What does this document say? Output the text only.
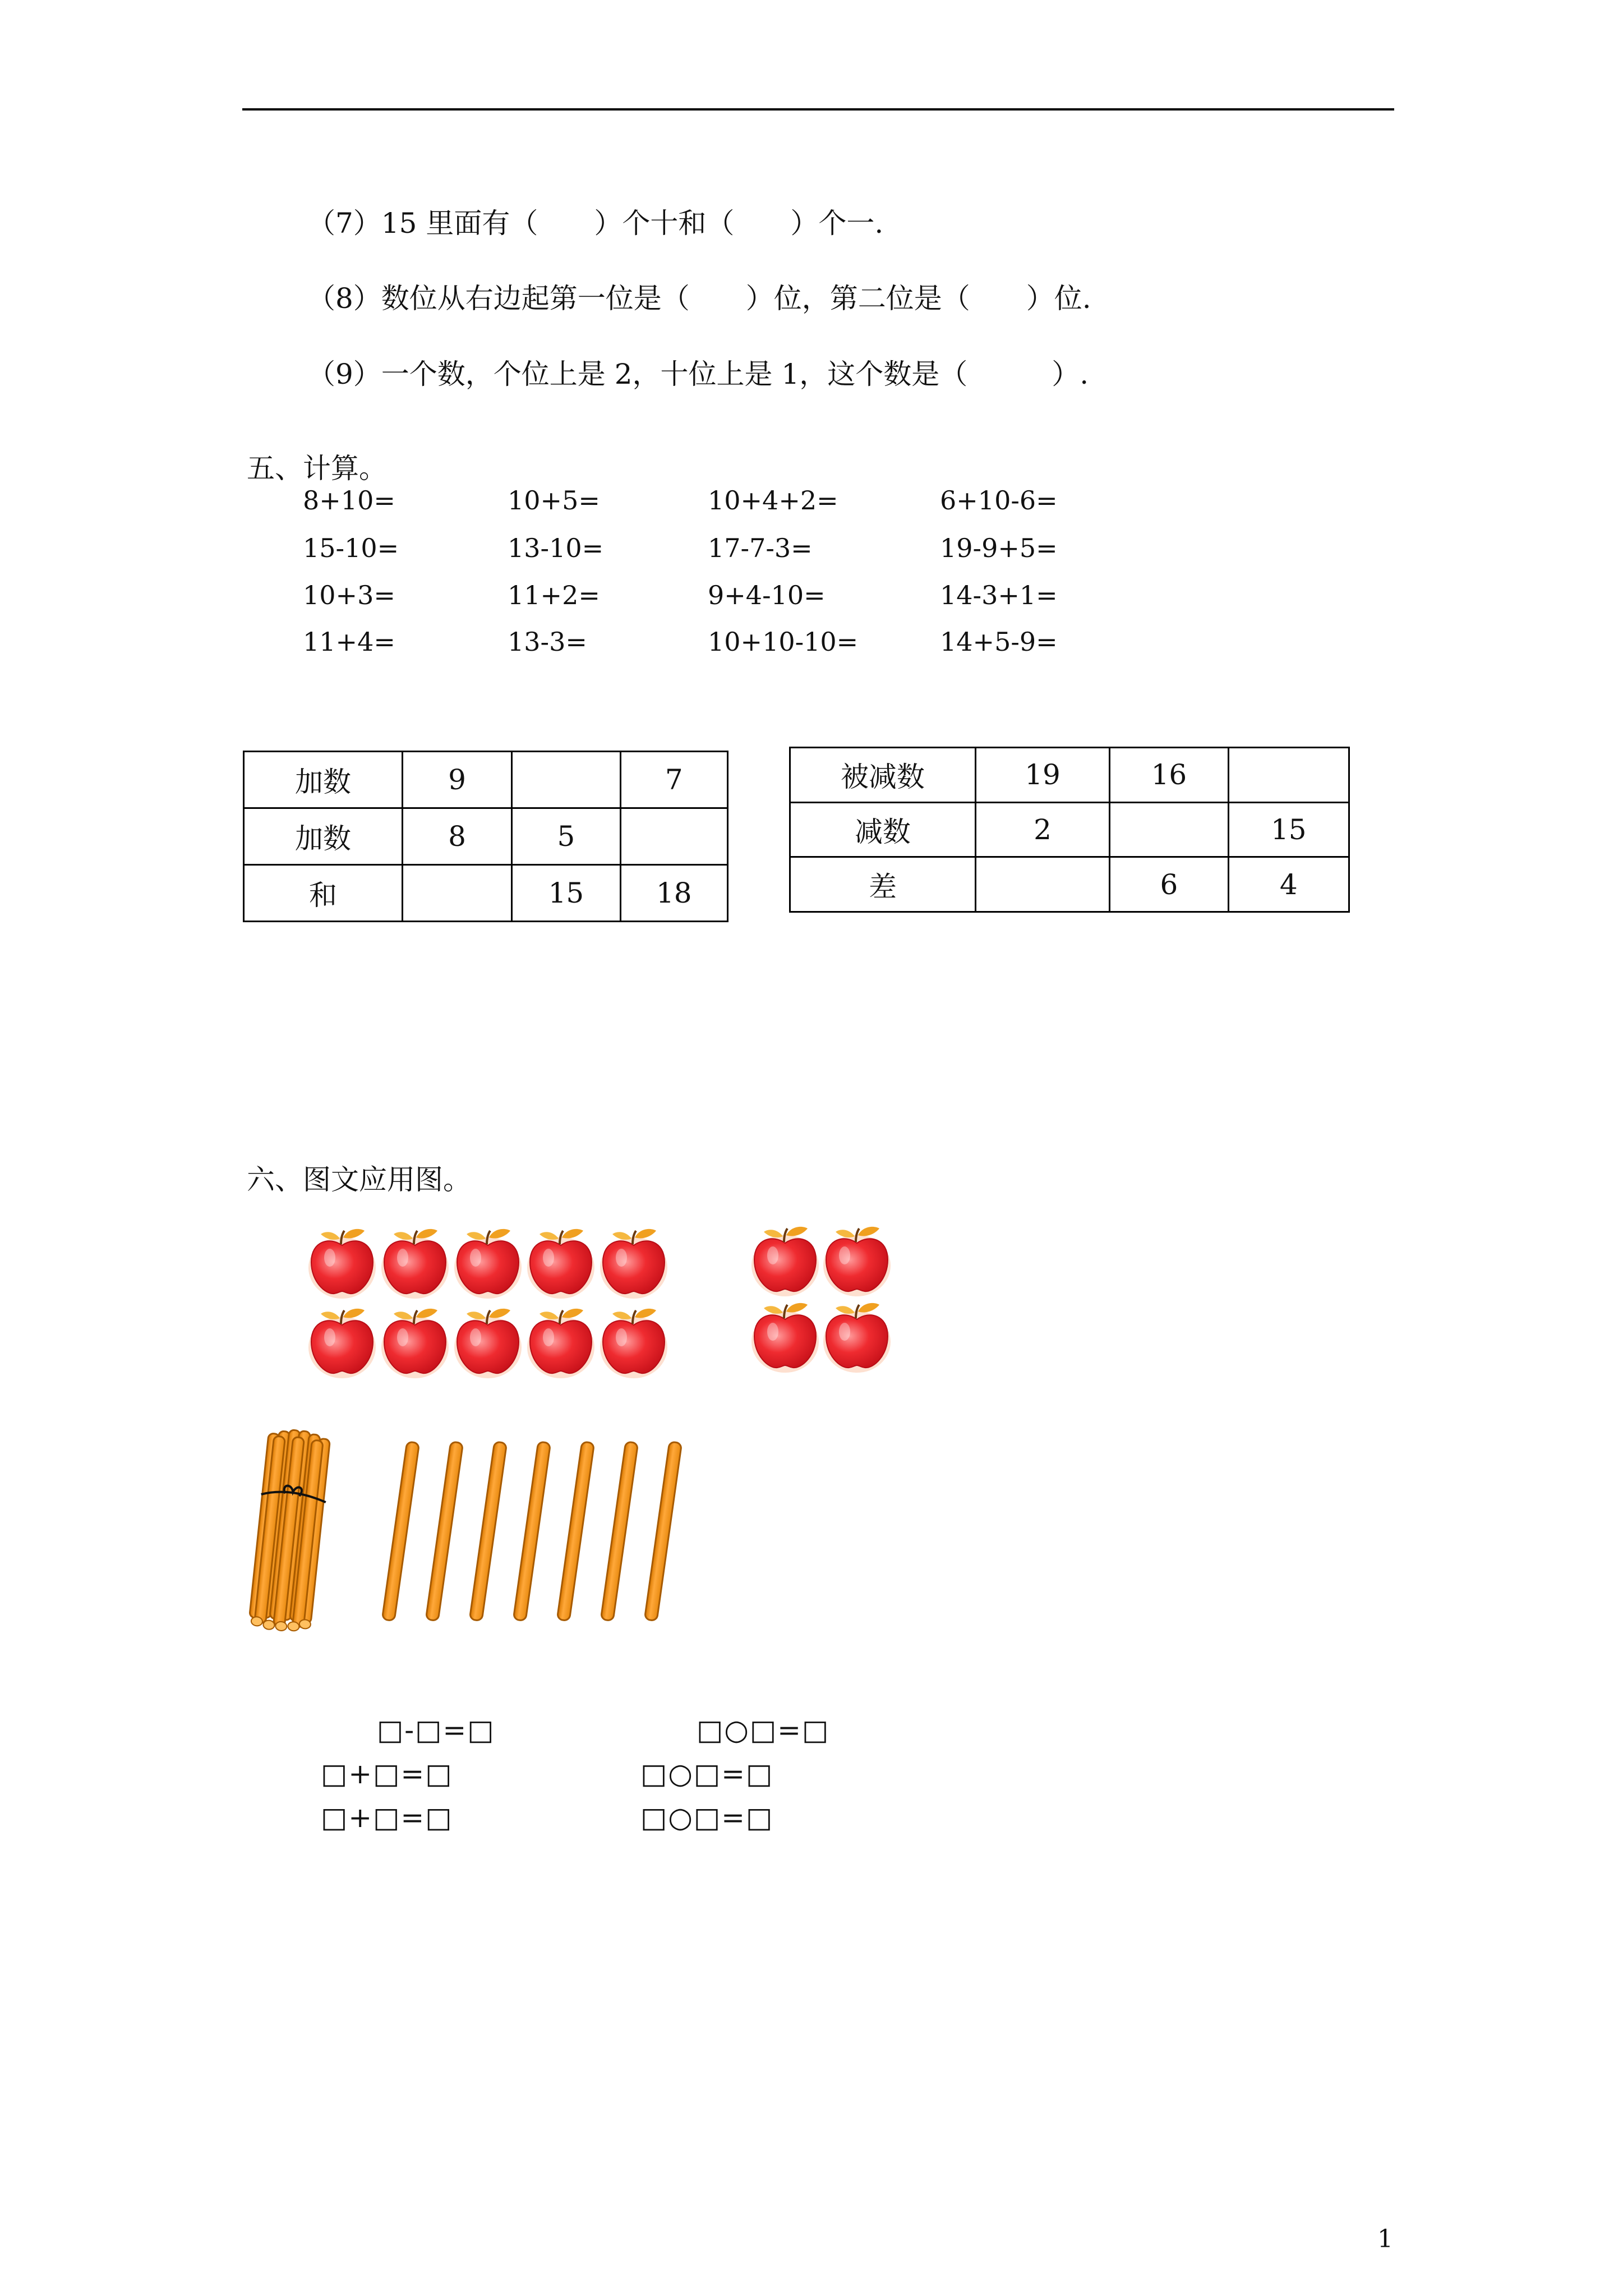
（7）15 里面有（　　）个十和（　　）个一.
（8）数位从右边起第一位是（　　）位，第二位是（　　）位.
（9）一个数，个位上是 2，十位上是 1，这个数是（　　　）.
五、计算。
8+10=	10+5=	10+4+2=	6+10-6=
15-10=	13-10=	17-7-3=	19-9+5=
10+3=	11+2=	9+4-10=	14-3+1=
11+4=	13-3=	10+10-10=	14+5-9=
加数	9		7
加数	8	5	
和		15	18
被减数	19	16	
减数	2		15
差		6	4
六、图文应用图。
□-□=□	□○□=□
□+□=□	□○□=□
□+□=□	□○□=□
1
